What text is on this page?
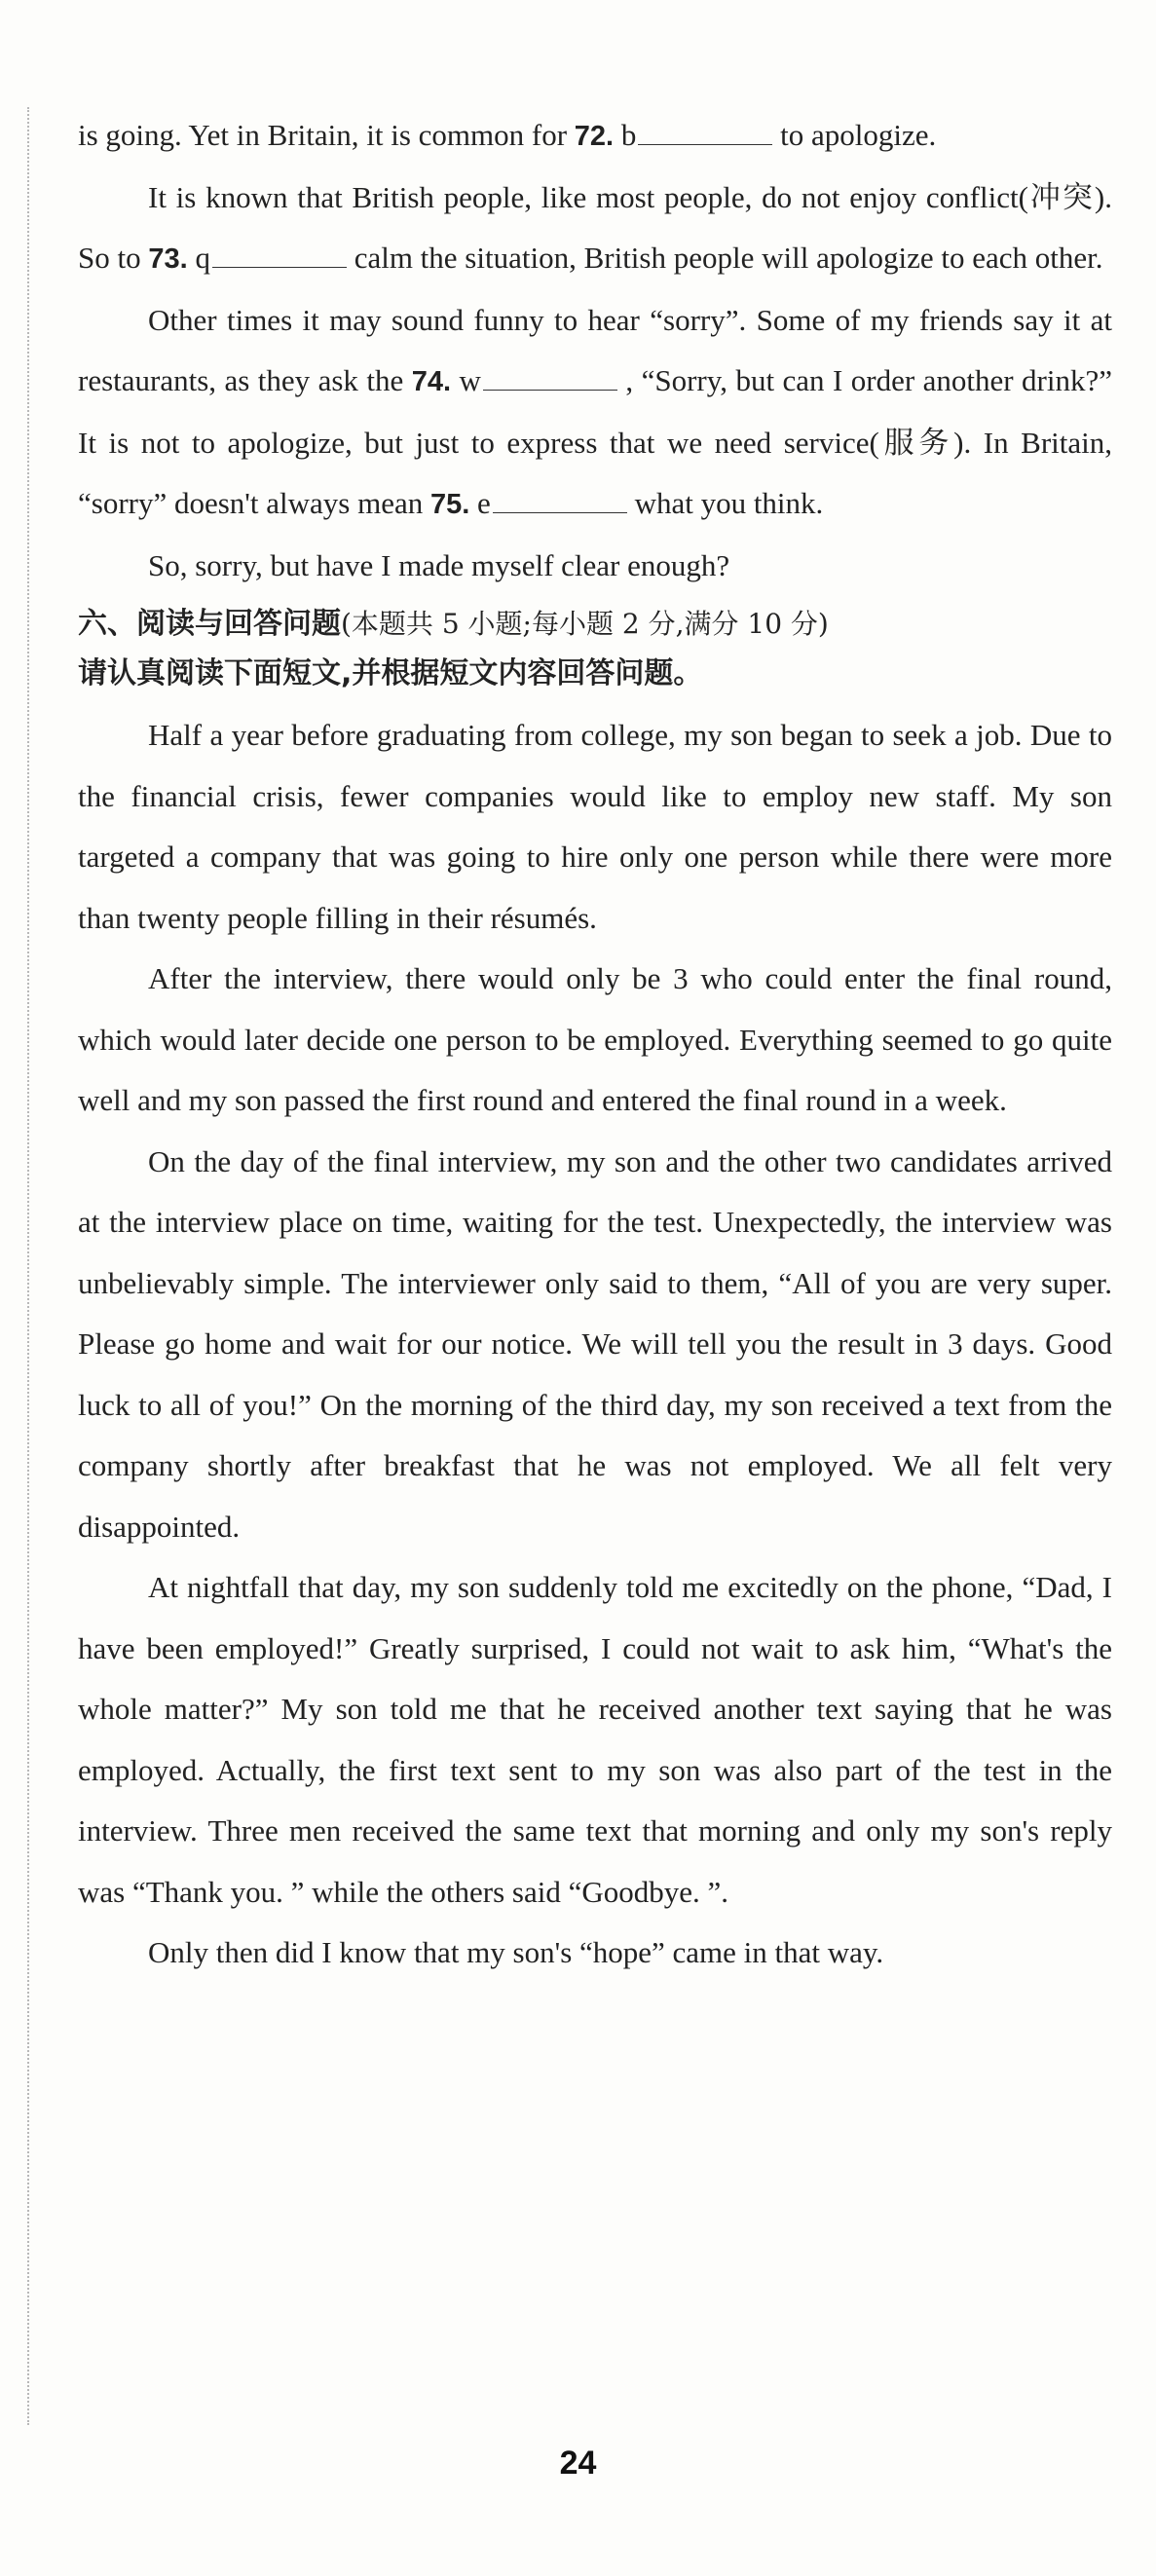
is going. Yet in Britain, it is common for 72. b	to apologize.

It is known that British people, like most people, do not enjoy conflict(冲突). So to 73. q	calm the situation, British people will apologize to each other.

Other times it may sound funny to hear “sorry”. Some of my friends say it at restaurants, as they ask the 74. w	, “Sorry, but can I order another drink?” It is not to apologize, but just to express that we need service(服务). In Britain, “sorry” doesn't always mean 75. e	what you think.

So, sorry, but have I made myself clear enough?

六、阅读与回答问题(本题共 5 小题;每小题 2 分,满分 10 分)
请认真阅读下面短文,并根据短文内容回答问题。

Half a year before graduating from college, my son began to seek a job. Due to the financial crisis, fewer companies would like to employ new staff. My son targeted a company that was going to hire only one person while there were more than twenty people filling in their résumés.

After the interview, there would only be 3 who could enter the final round, which would later decide one person to be employed. Everything seemed to go quite well and my son passed the first round and entered the final round in a week.

On the day of the final interview, my son and the other two candidates arrived at the interview place on time, waiting for the test. Unexpectedly, the interview was unbelievably simple. The interviewer only said to them, “All of you are very super. Please go home and wait for our notice. We will tell you the result in 3 days. Good luck to all of you!” On the morning of the third day, my son received a text from the company shortly after breakfast that he was not employed. We all felt very disappointed.

At nightfall that day, my son suddenly told me excitedly on the phone, “Dad, I have been employed!” Greatly surprised, I could not wait to ask him, “What's the whole matter?” My son told me that he received another text saying that he was employed. Actually, the first text sent to my son was also part of the test in the interview. Three men received the same text that morning and only my son's reply was “Thank you. ” while the others said “Goodbye. ”.

Only then did I know that my son's “hope” came in that way.

24
